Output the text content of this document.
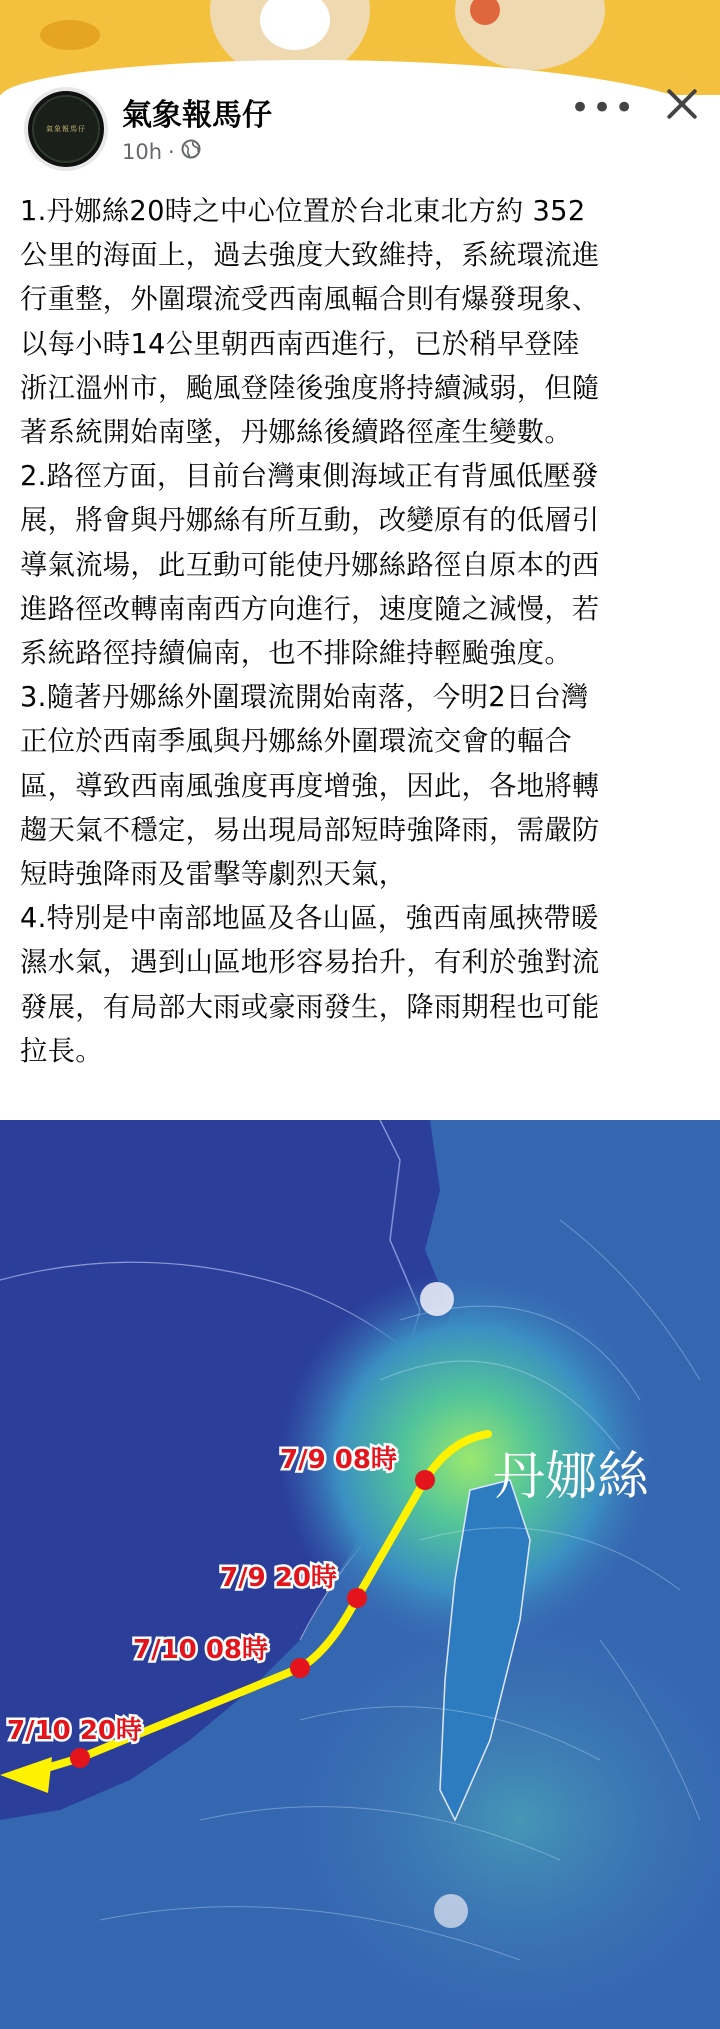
氣象報馬仔 氣象報馬仔
10h ·
•••
1.丹娜絲20時之中心位置於台北東北方約 352
公里的海面上，過去強度大致維持，系統環流進
行重整，外圍環流受西南風輻合則有爆發現象、
以每小時14公里朝西南西進行，已於稍早登陸
浙江溫州市，颱風登陸後強度將持續減弱，但隨
著系統開始南墜，丹娜絲後續路徑產生變數。
2.路徑方面，目前台灣東側海域正有背風低壓發
展，將會與丹娜絲有所互動，改變原有的低層引
導氣流場，此互動可能使丹娜絲路徑自原本的西
進路徑改轉南南西方向進行，速度隨之減慢，若
系統路徑持續偏南，也不排除維持輕颱強度。
3.隨著丹娜絲外圍環流開始南落，今明2日台灣
正位於西南季風與丹娜絲外圍環流交會的輻合
區，導致西南風強度再度增強，因此，各地將轉
趨天氣不穩定，易出現局部短時強降雨，需嚴防
短時強降雨及雷擊等劇烈天氣，
4.特別是中南部地區及各山區，強西南風挾帶暖
濕水氣，遇到山區地形容易抬升，有利於強對流
發展，有局部大雨或豪雨發生，降雨期程也可能
拉長。
丹娜絲
7/9 08時
7/9 20時
7/10 08時
7/10 20時
